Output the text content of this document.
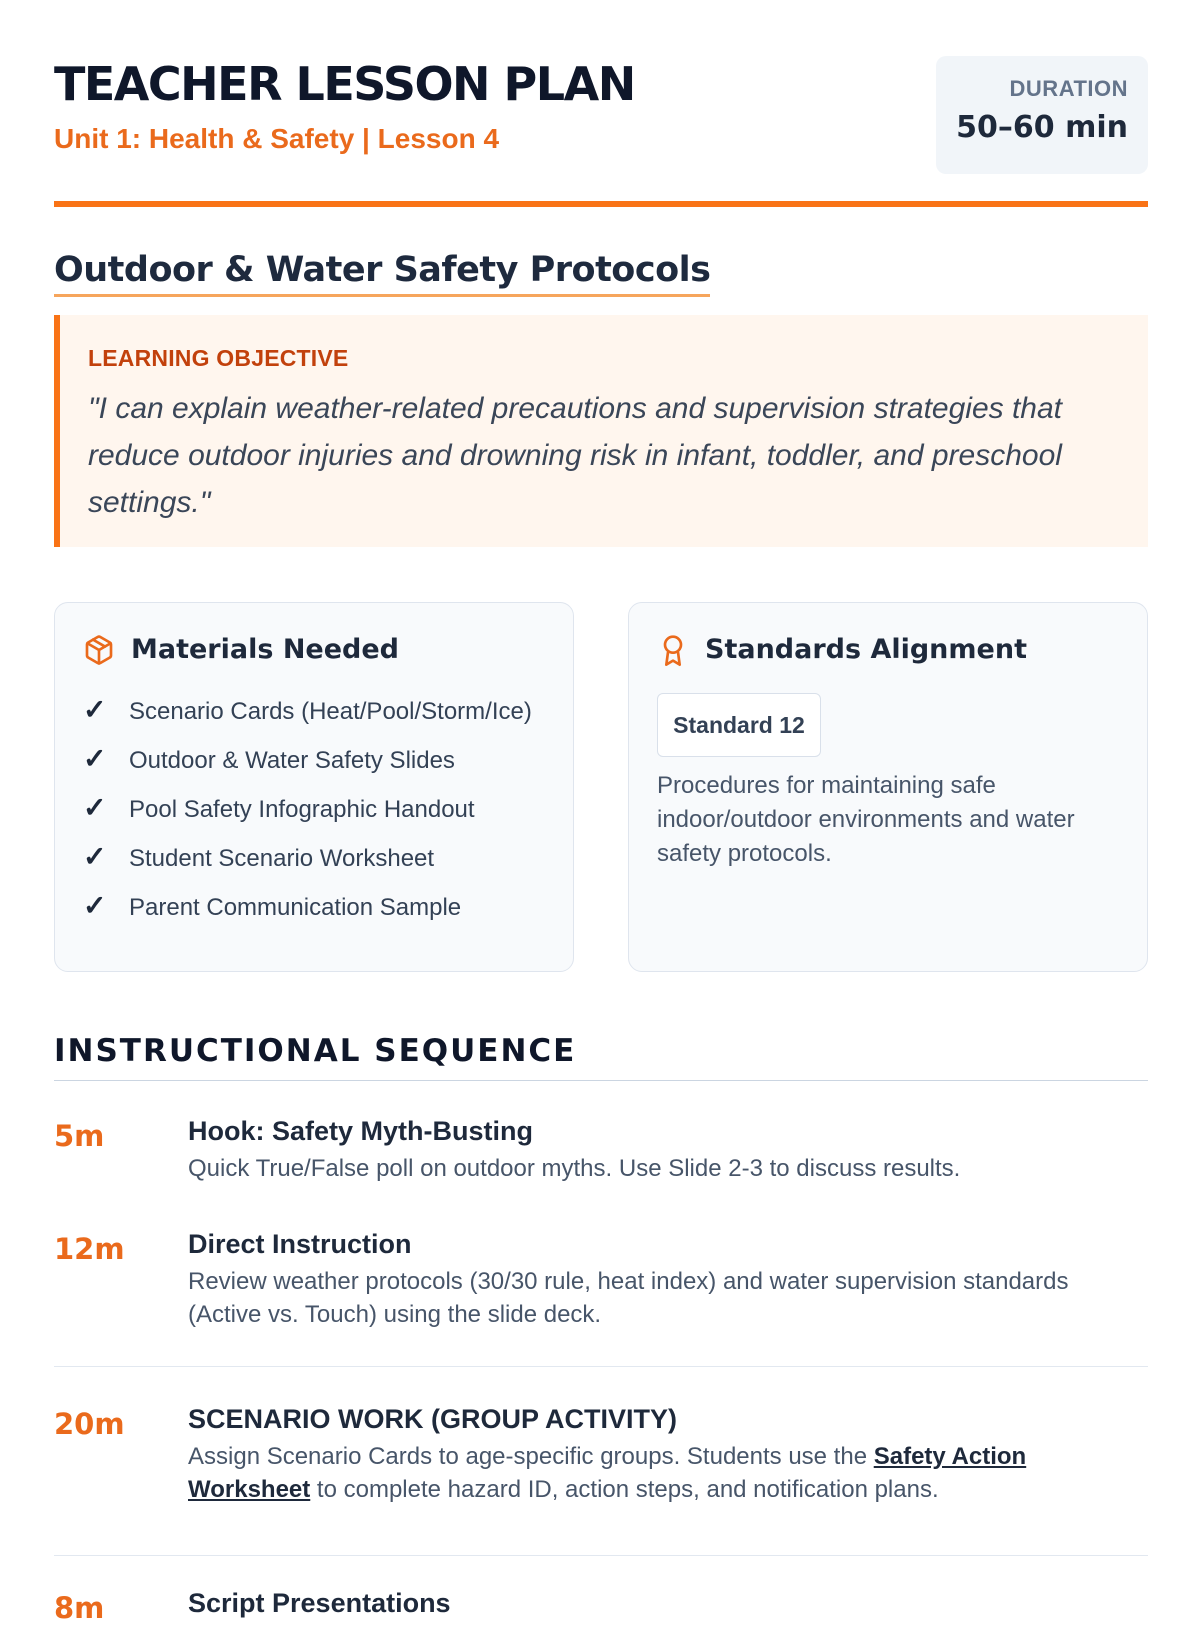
TEACHER LESSON PLAN
Unit 1: Health & Safety | Lesson 4
DURATION
50–60 min
Outdoor & Water Safety Protocols
LEARNING OBJECTIVE
"I can explain weather-related precautions and supervision strategies that reduce outdoor injuries and drowning risk in infant, toddler, and preschool settings."
Materials Needed
✓ Scenario Cards (Heat/Pool/Storm/Ice)
✓ Outdoor & Water Safety Slides
✓ Pool Safety Infographic Handout
✓ Student Scenario Worksheet
✓ Parent Communication Sample
Standards Alignment
Standard 12
Procedures for maintaining safe indoor/outdoor environments and water safety protocols.
INSTRUCTIONAL SEQUENCE
5m	Hook: Safety Myth-Busting
Quick True/False poll on outdoor myths. Use Slide 2-3 to discuss results.
12m Direct Instruction
Review weather protocols (30/30 rule, heat index) and water supervision standards (Active vs. Touch) using the slide deck.
20m SCENARIO WORK (GROUP ACTIVITY)
Assign Scenario Cards to age-specific groups. Students use the Safety Action Worksheet to complete hazard ID, action steps, and notification plans.
8m	Script Presentations
